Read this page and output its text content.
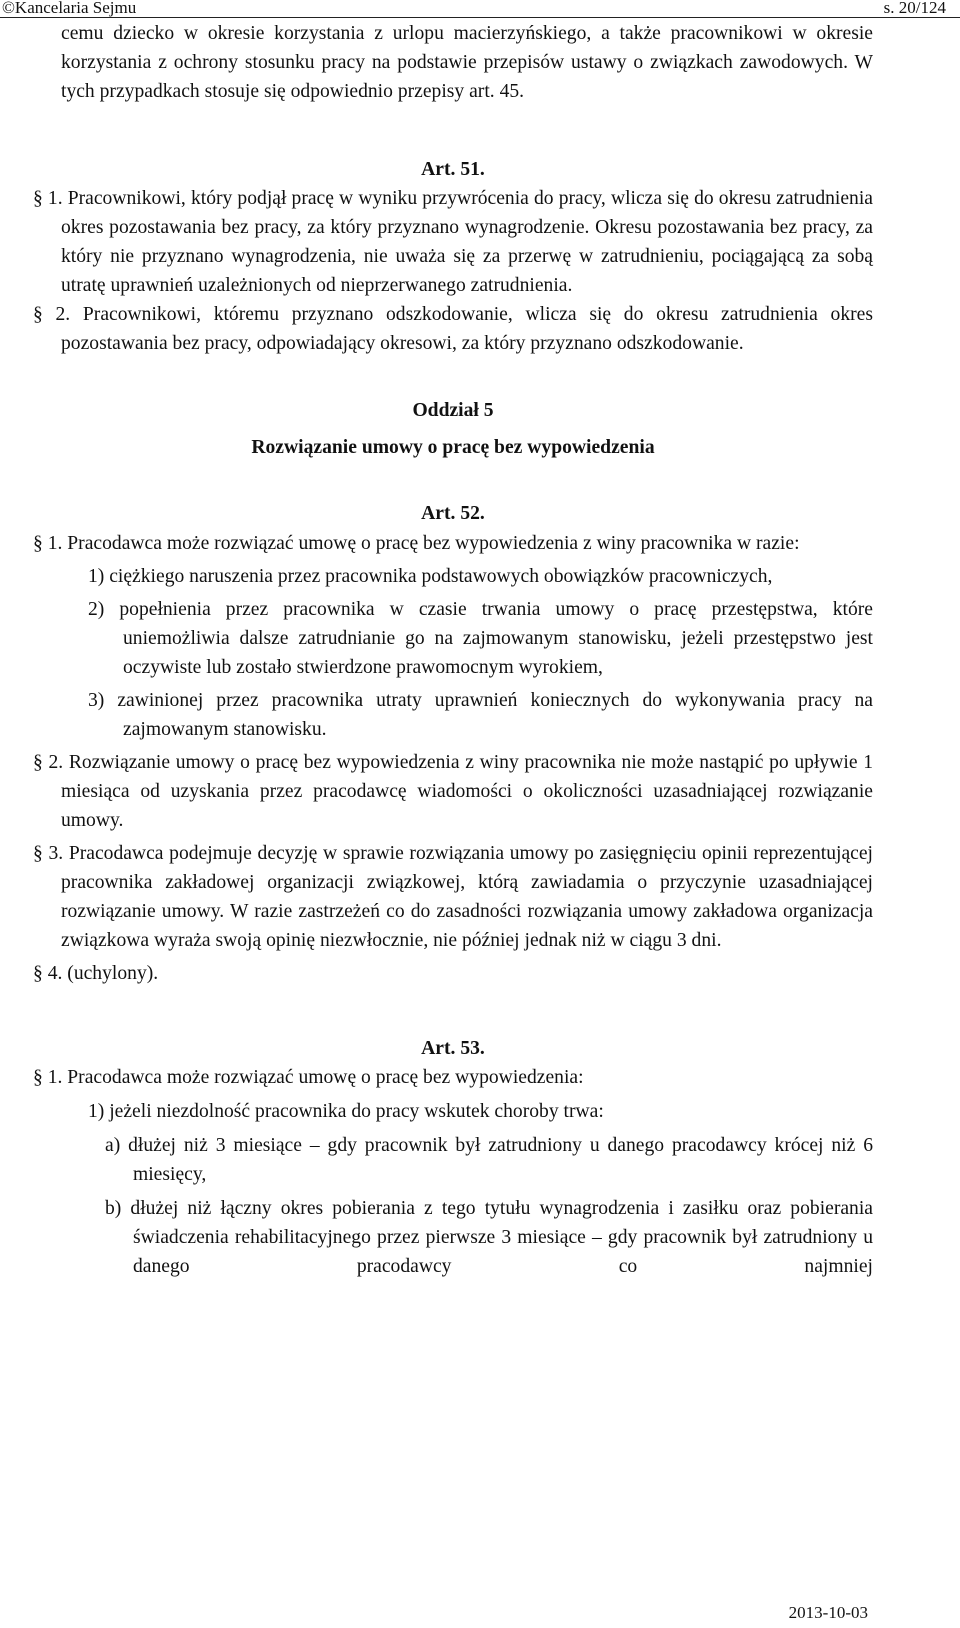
©Kancelaria Sejmu	s. 20/124

cemu dziecko w okresie korzystania z urlopu macierzyńskiego, a także pracownikowi w okresie korzystania z ochrony stosunku pracy na podstawie przepisów ustawy o związkach zawodowych. W tych przypadkach stosuje się odpowiednio przepisy art. 45.

Art. 51.

§ 1. Pracownikowi, który podjął pracę w wyniku przywrócenia do pracy, wlicza się do okresu zatrudnienia okres pozostawania bez pracy, za który przyznano wynagrodzenie. Okresu pozostawania bez pracy, za który nie przyznano wynagrodzenia, nie uważa się za przerwę w zatrudnieniu, pociągającą za sobą utratę uprawnień uzależnionych od nieprzerwanego zatrudnienia.

§ 2. Pracownikowi, któremu przyznano odszkodowanie, wlicza się do okresu zatrudnienia okres pozostawania bez pracy, odpowiadający okresowi, za który przyznano odszkodowanie.

Oddział 5

Rozwiązanie umowy o pracę bez wypowiedzenia

Art. 52.

§ 1. Pracodawca może rozwiązać umowę o pracę bez wypowiedzenia z winy pracownika w razie:

1) ciężkiego naruszenia przez pracownika podstawowych obowiązków pracowniczych,

2) popełnienia przez pracownika w czasie trwania umowy o pracę przestępstwa, które uniemożliwia dalsze zatrudnianie go na zajmowanym stanowisku, jeżeli przestępstwo jest oczywiste lub zostało stwierdzone prawomocnym wyrokiem,

3) zawinionej przez pracownika utraty uprawnień koniecznych do wykonywania pracy na zajmowanym stanowisku.

§ 2. Rozwiązanie umowy o pracę bez wypowiedzenia z winy pracownika nie może nastąpić po upływie 1 miesiąca od uzyskania przez pracodawcę wiadomości o okoliczności uzasadniającej rozwiązanie umowy.

§ 3. Pracodawca podejmuje decyzję w sprawie rozwiązania umowy po zasięgnięciu opinii reprezentującej pracownika zakładowej organizacji związkowej, którą zawiadamia o przyczynie uzasadniającej rozwiązanie umowy. W razie zastrzeżeń co do zasadności rozwiązania umowy zakładowa organizacja związkowa wyraża swoją opinię niezwłocznie, nie później jednak niż w ciągu 3 dni.

§ 4. (uchylony).

Art. 53.

§ 1. Pracodawca może rozwiązać umowę o pracę bez wypowiedzenia:

1) jeżeli niezdolność pracownika do pracy wskutek choroby trwa:

a) dłużej niż 3 miesiące – gdy pracownik był zatrudniony u danego pracodawcy krócej niż 6 miesięcy,

b) dłużej niż łączny okres pobierania z tego tytułu wynagrodzenia i zasiłku oraz pobierania świadczenia rehabilitacyjnego przez pierwsze 3 miesiące – gdy pracownik był zatrudniony u danego pracodawcy co najmniej

2013-10-03
